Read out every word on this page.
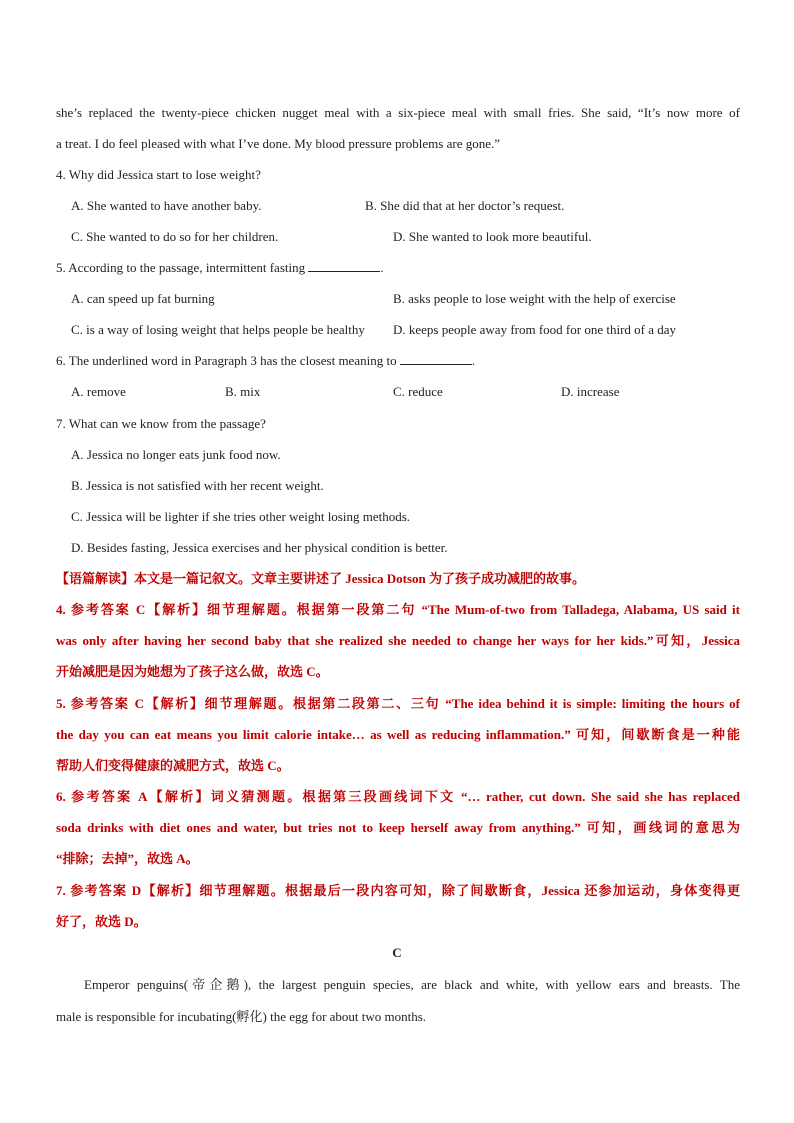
she’s replaced the twenty-piece chicken nugget meal with a six-piece meal with small fries. She said, “It’s now more of
a treat. I do feel pleased with what I’ve done. My blood pressure problems are gone.”
4. Why did Jessica start to lose weight?
A. She wanted to have another baby.	B. She did that at her doctor’s request.
C. She wanted to do so for her children.	D. She wanted to look more beautiful.
5. According to the passage, intermittent fasting	.
A. can speed up fat burning	B. asks people to lose weight with the help of exercise
C. is a way of losing weight that helps people be healthy D. keeps people away from food for one third of a day
6. The underlined word in Paragraph 3 has the closest meaning to	.
A. remove	B. mix	C. reduce	D. increase
7. What can we know from the passage?
A. Jessica no longer eats junk food now.
B. Jessica is not satisfied with her recent weight.
C. Jessica will be lighter if she tries other weight losing methods.
D. Besides fasting, Jessica exercises and her physical condition is better.
【语篇解读】本文是一篇记叙文。文章主要讲述了 Jessica Dotson 为了孩子成功减肥的故事。
4. 参考答案 C【解析】细节理解题。根据第一段第二句 “The Mum-of-two from Talladega, Alabama, US said it
was only after having her second baby that she realized she needed to change her ways for her kids.”可知，Jessica
开始减肥是因为她想为了孩子这么做，故选 C。
5. 参考答案 C【解析】细节理解题。根据第二段第二、三句 “The idea behind it is simple: limiting the hours of
the day you can eat means you limit calorie intake… as well as reducing inflammation.” 可知，间歇断食是一种能
帮助人们变得健康的减肥方式，故选 C。
6. 参考答案 A【解析】词义猜测题。根据第三段画线词下文 “… rather, cut down. She said she has replaced
soda drinks with diet ones and water, but tries not to keep herself away from anything.” 可知，画线词的意思为
“排除；去掉”，故选 A。
7. 参考答案 D【解析】细节理解题。根据最后一段内容可知，除了间歇断食，Jessica 还参加运动，身体变得更
好了，故选 D。
C
Emperor penguins(帝企鹅), the largest penguin species, are black and white, with yellow ears and breasts. The
male is responsible for incubating(孵化) the egg for about two months.
